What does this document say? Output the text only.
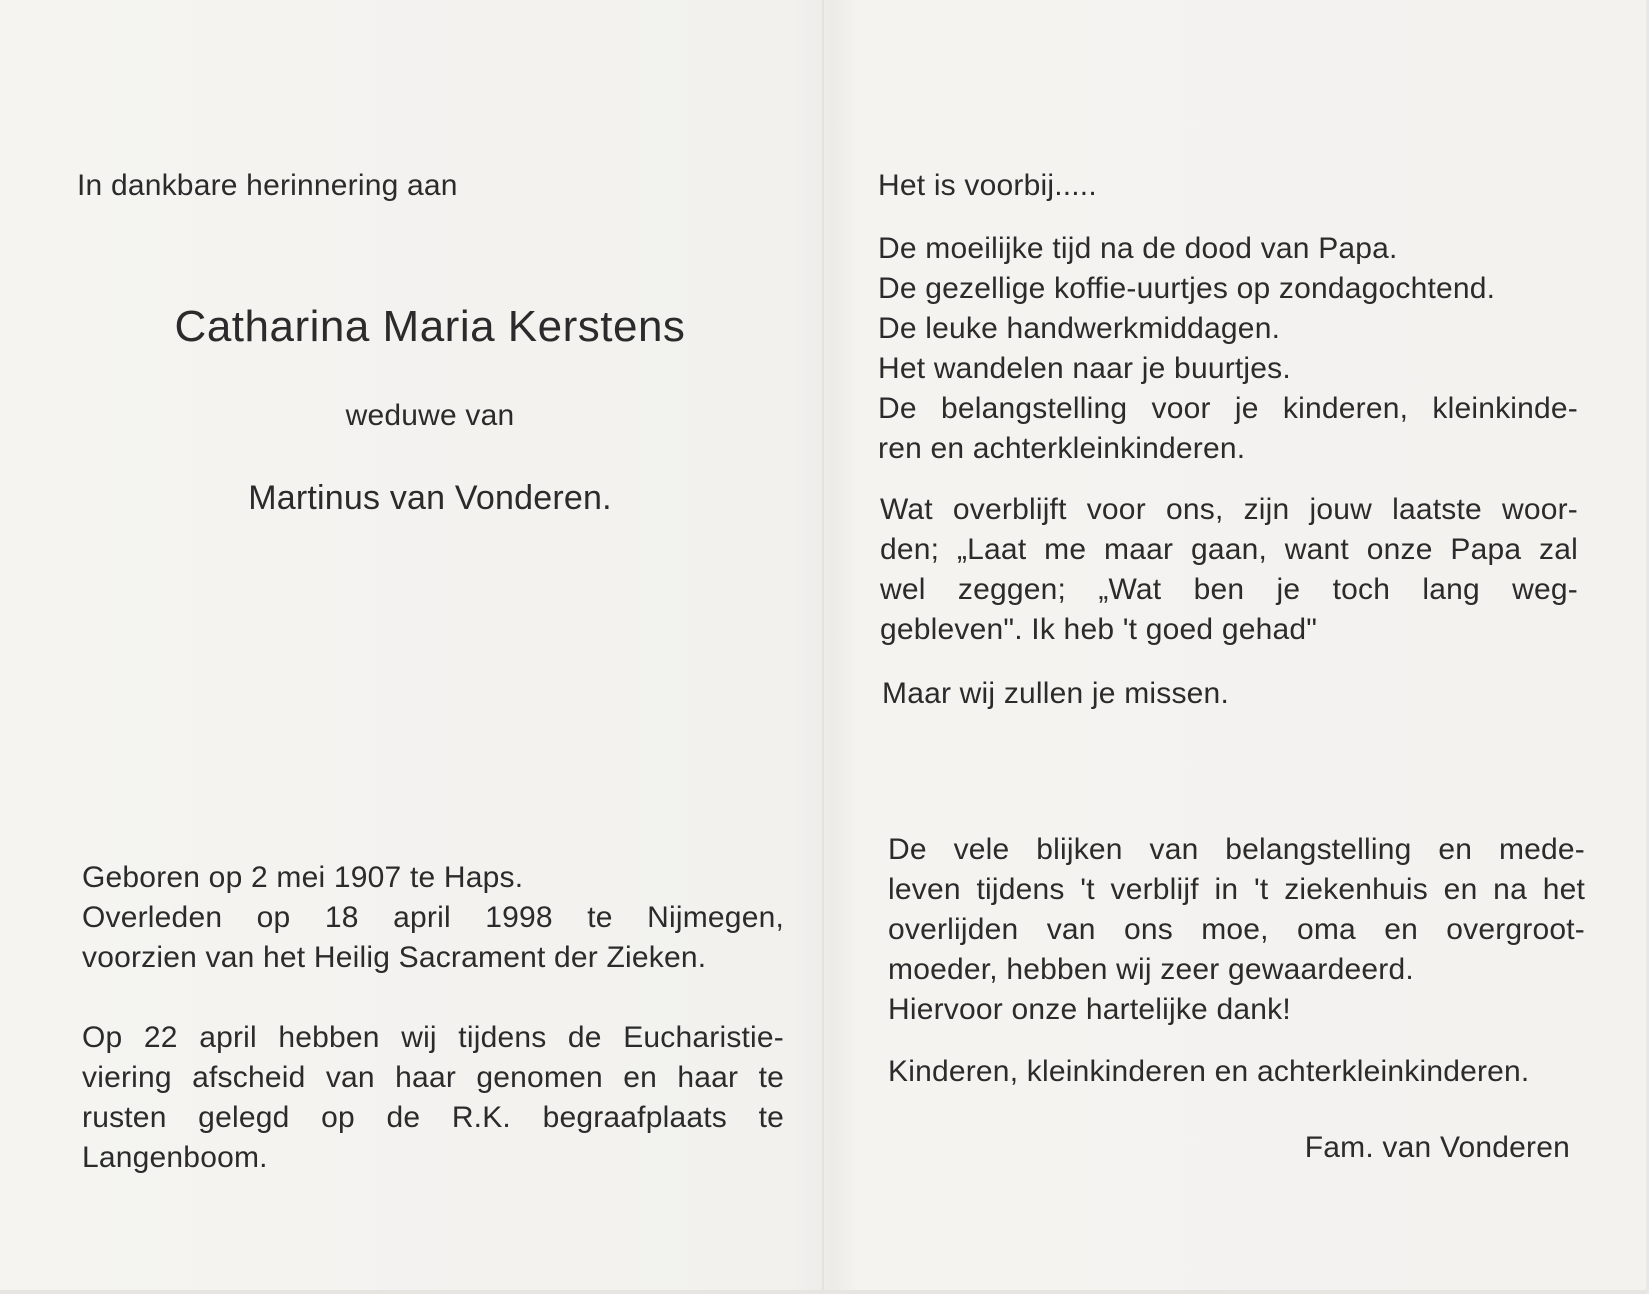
In dankbare herinnering aan

Catharina Maria Kerstens

weduwe van

Martinus van Vonderen.

Geboren op 2 mei 1907 te Haps.

Overleden op 18 april 1998 te Nijmegen,

voorzien van het Heilig Sacrament der Zieken.

Op 22 april hebben wij tijdens de Eucharistie-

viering afscheid van haar genomen en haar te

rusten gelegd op de R.K. begraafplaats te

Langenboom.

Het is voorbij.....

De moeilijke tijd na de dood van Papa.
De gezellige koffie-uurtjes op zondagochtend.
De leuke handwerkmiddagen.
Het wandelen naar je buurtjes.

De belangstelling voor je kinderen, kleinkinde-

ren en achterkleinkinderen.

Wat overblijft voor ons, zijn jouw laatste woor-

den; „Laat me maar gaan, want onze Papa zal

wel zeggen; „Wat ben je toch lang weg-

gebleven". Ik heb 't goed gehad"

Maar wij zullen je missen.

De vele blijken van belangstelling en mede-

leven tijdens 't verblijf in 't ziekenhuis en na het

overlijden van ons moe, oma en overgroot-

moeder, hebben wij zeer gewaardeerd.

Hiervoor onze hartelijke dank!

Kinderen, kleinkinderen en achterkleinkinderen.

Fam. van Vonderen
